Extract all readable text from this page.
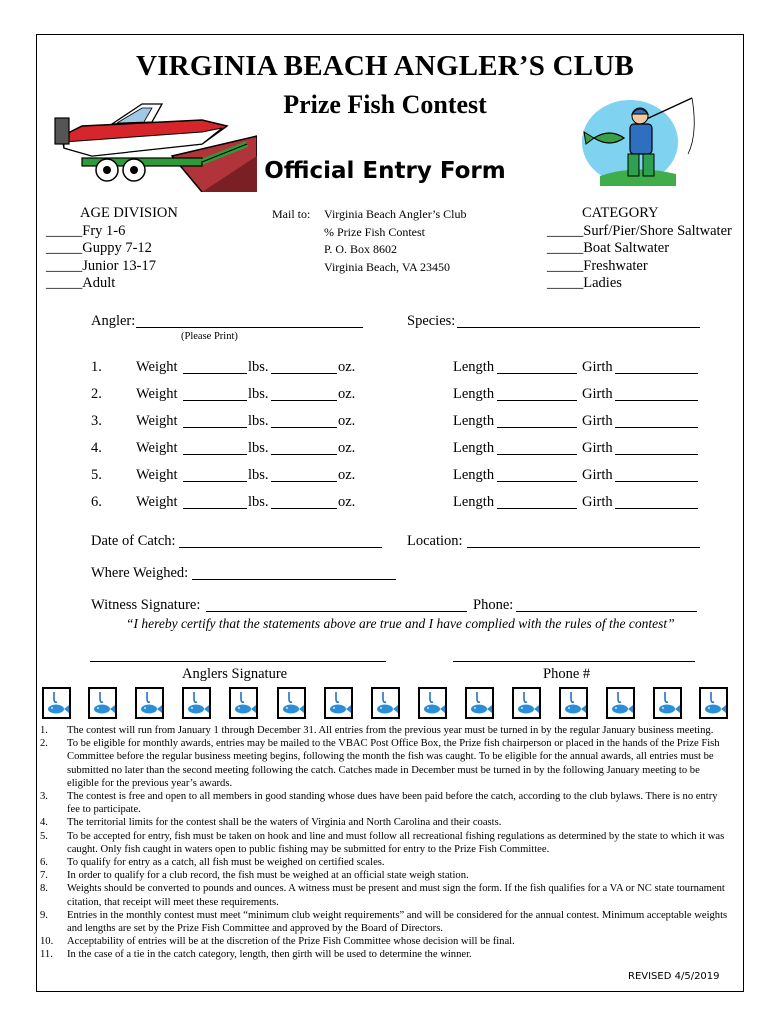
VIRGINIA BEACH ANGLER’S CLUB
Prize Fish Contest
Official Entry Form
AGE DIVISION
_____Fry 1-6
_____Guppy 7-12
_____Junior 13-17
_____Adult
Mail to: Virginia Beach Angler’s Club
% Prize Fish Contest
P. O. Box 8602
Virginia Beach, VA 23450
CATEGORY
_____Surf/Pier/Shore Saltwater
_____Boat Saltwater
_____Freshwater
_____Ladies
Angler:
(Please Print)
Species:
1. Weight	lbs.	oz.	Length	Girth
2. Weight	lbs.	oz.	Length	Girth
3. Weight	lbs.	oz.	Length	Girth
4. Weight	lbs.	oz.	Length	Girth
5. Weight	lbs.	oz.	Length	Girth
6. Weight	lbs.	oz.	Length	Girth
Date of Catch:	Location:
Where Weighed:
Witness Signature:	Phone:
“I hereby certify that the statements above are true and I have complied with the rules of the contest”
Anglers Signature	Phone #
1.	The contest will run from January 1 through December 31. All entries from the previous year must be turned in by the regular January business meeting.
2.	To be eligible for monthly awards, entries may be mailed to the VBAC Post Office Box, the Prize fish chairperson or placed in the hands of the Prize Fish Committee before the regular business meeting begins, following the month the fish was caught. To be eligible for the annual awards, all entries must be submitted no later than the second meeting following the catch. Catches made in December must be turned in by the following January meeting to be eligible for the previous year’s awards.
3.	The contest is free and open to all members in good standing whose dues have been paid before the catch, according to the club bylaws. There is no entry fee to participate.
4.	The territorial limits for the contest shall be the waters of Virginia and North Carolina and their coasts.
5.	To be accepted for entry, fish must be taken on hook and line and must follow all recreational fishing regulations as determined by the state to which it was caught. Only fish caught in waters open to public fishing may be submitted for entry to the Prize Fish Committee.
6.	To qualify for entry as a catch, all fish must be weighed on certified scales.
7.	In order to qualify for a club record, the fish must be weighed at an official state weigh station.
8.	Weights should be converted to pounds and ounces. A witness must be present and must sign the form. If the fish qualifies for a VA or NC state tournament citation, that receipt will meet these requirements.
9.	Entries in the monthly contest must meet “minimum club weight requirements” and will be considered for the annual contest. Minimum acceptable weights and lengths are set by the Prize Fish Committee and approved by the Board of Directors.
10.	Acceptability of entries will be at the discretion of the Prize Fish Committee whose decision will be final.
11.	In the case of a tie in the catch category, length, then girth will be used to determine the winner.
REVISED 4/5/2019
